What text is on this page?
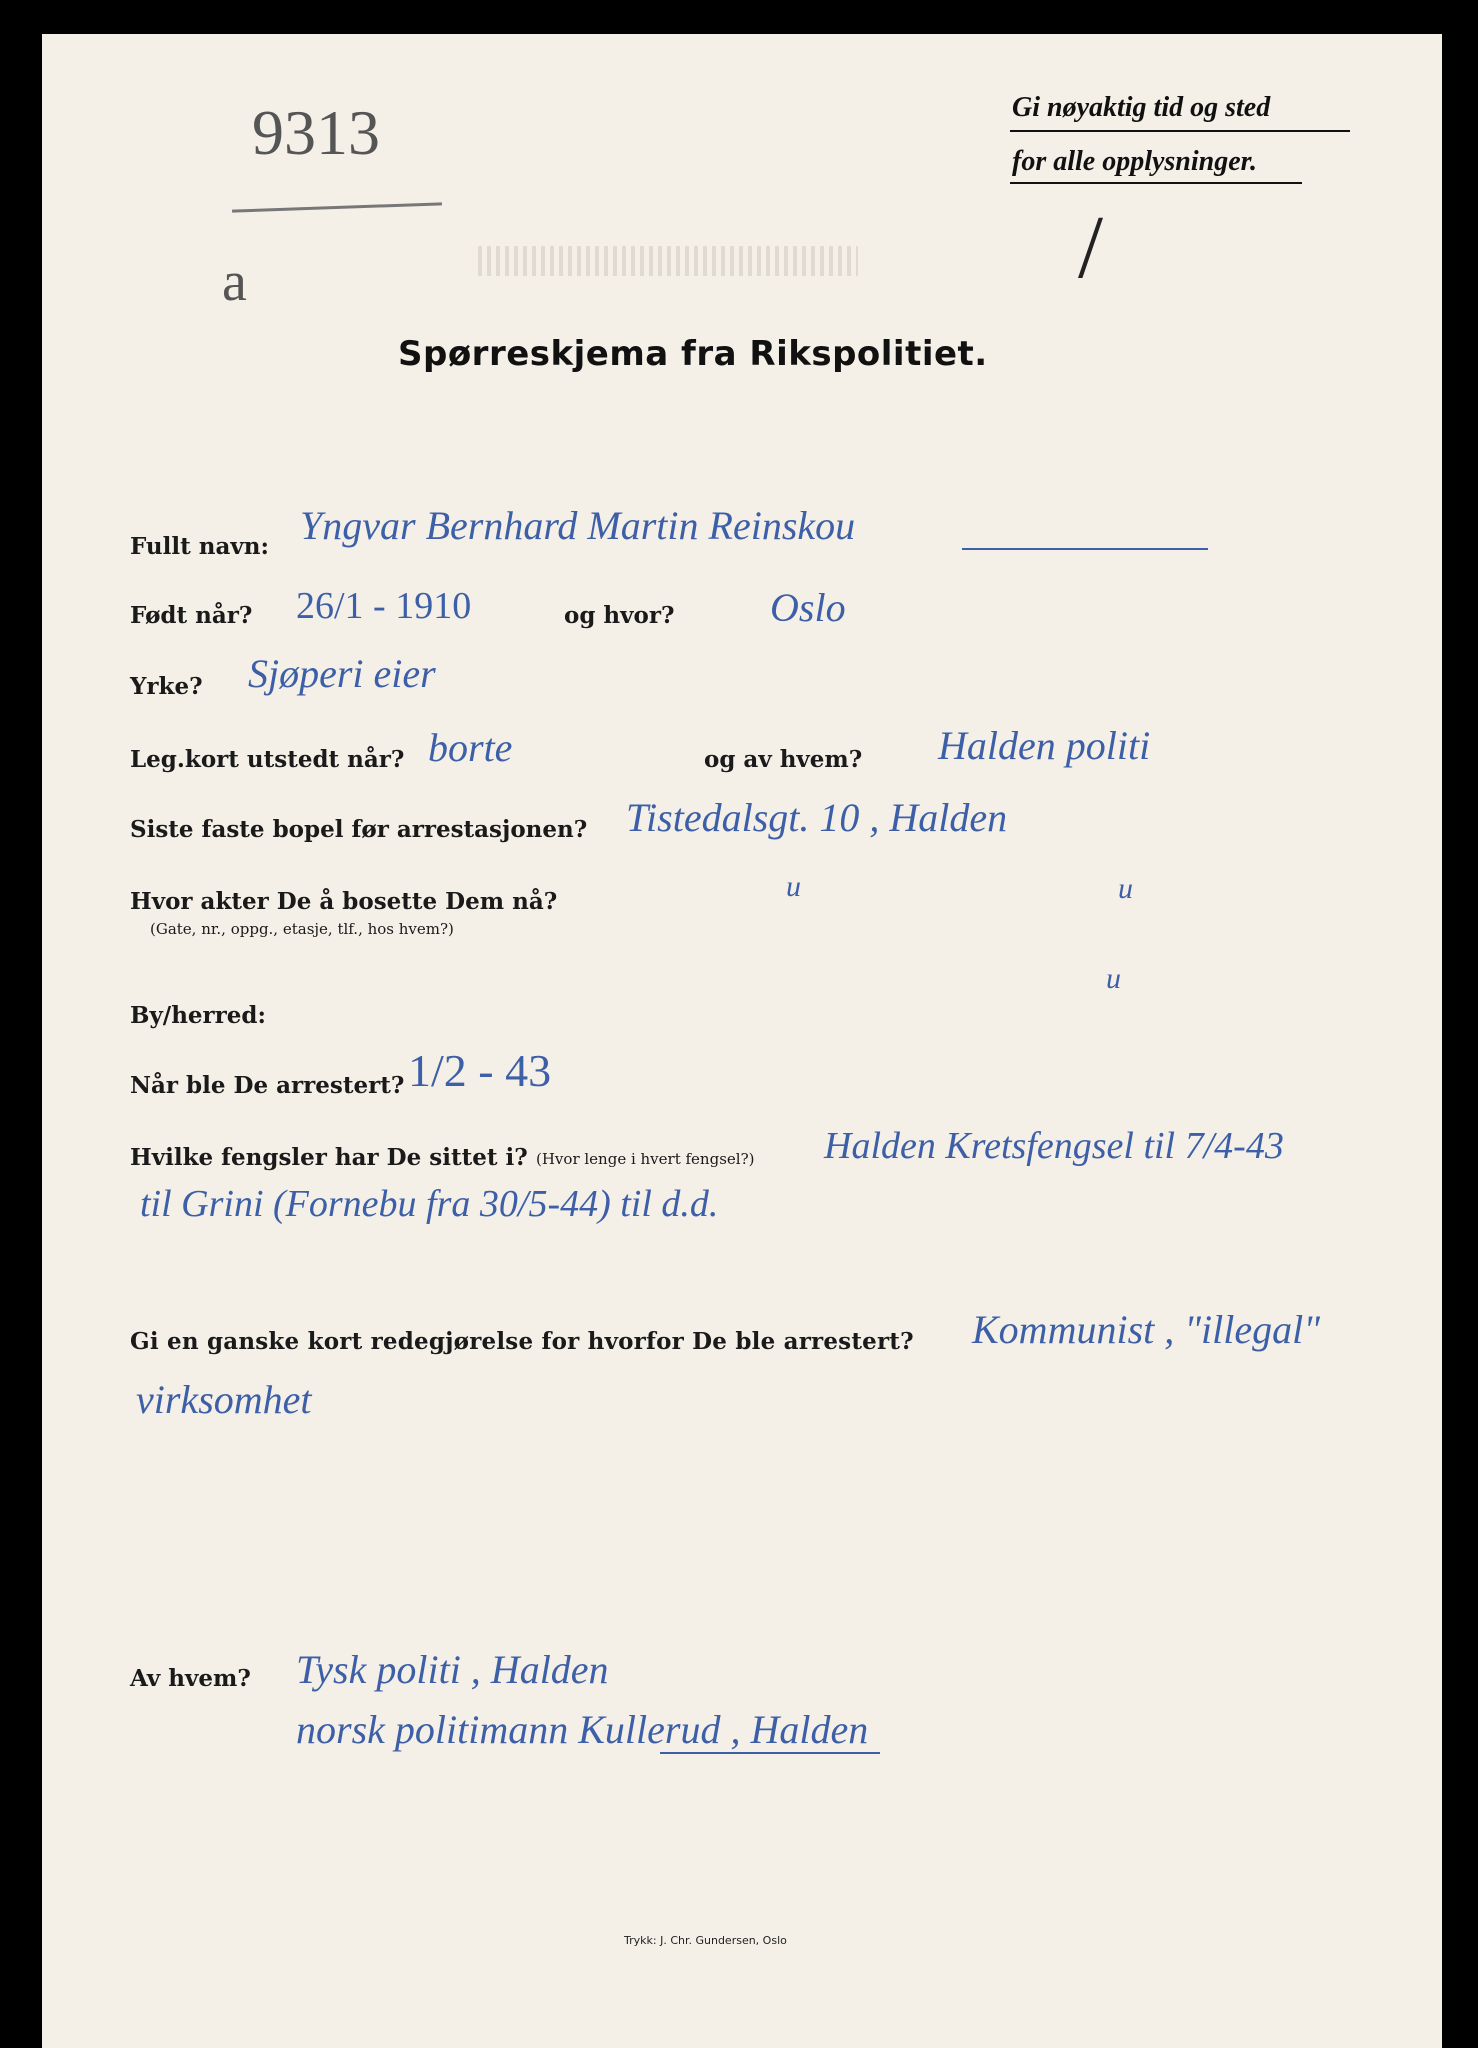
9313
a	/
Gi nøyaktig tid og sted
for alle opplysninger.
Spørreskjema fra Rikspolitiet.
Fullt navn: Yngvar Bernhard Martin Reinskou
Født når? 26/1 - 1910	og hvor? Oslo
Yrke? Sjøperi eier
Leg.kort utstedt når? borte	og av hvem? Halden politi
Siste faste bopel før arrestasjonen? Tistedalsgt. 10 , Halden
Hvor akter De å bosette Dem nå?
(Gate, nr., oppg., etasje, tlf., hos hvem?)
u	u
By/herred:
u
Når ble De arrestert? 1/2 - 43
Hvilke fengsler har De sittet i? (Hvor lenge i hvert fengsel?) Halden Kretsfengsel til 7/4-43
til Grini (Fornebu fra 30/5-44) til d.d.

Gi en ganske kort redegjørelse for hvorfor De ble arrestert? Kommunist , "illegal"
virksomhet
Av hvem? Tysk politi , Halden
norsk politimann Kullerud , Halden
Trykk: J. Chr. Gundersen, Oslo
